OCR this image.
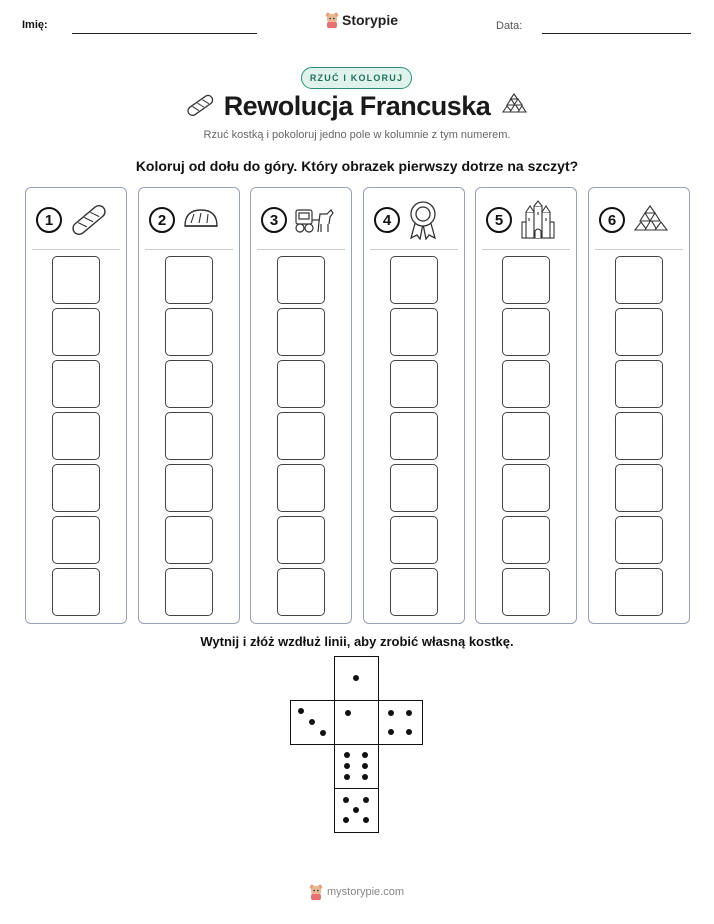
Imię:	Storypie	Data:
RZUĆ I KOLORUJ
Rewolucja Francuska
Rzuć kostką i pokoloruj jedno pole w kolumnie z tym numerem.
Koloruj od dołu do góry. Który obrazek pierwszy dotrze na szczyt?
1	2	3	4	5	6
Wytnij i złóż wzdłuż linii, aby zrobić własną kostkę.
mystorypie.com
